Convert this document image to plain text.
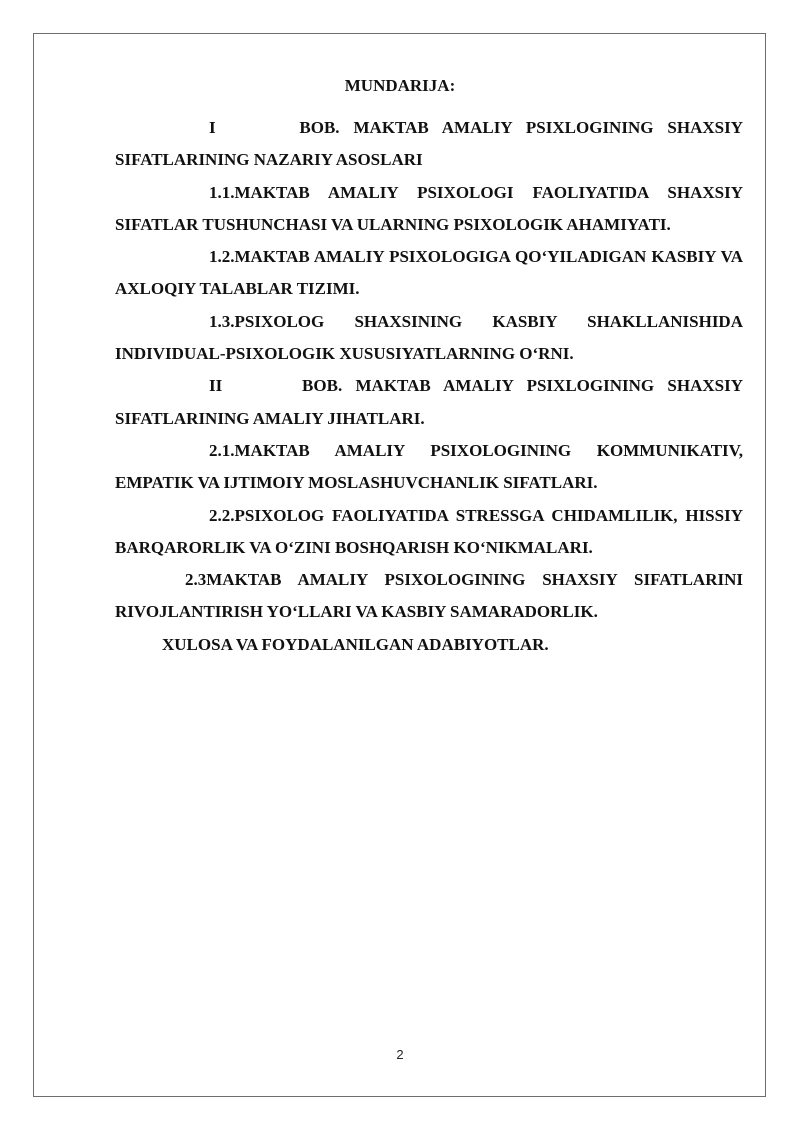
MUNDARIJA:

I	BOB. MAKTAB AMALIY PSIXLOGINING SHAXSIY SIFATLARINING NAZARIY ASOSLARI

1.1.MAKTAB AMALIY PSIXOLOGI FAOLIYATIDA SHAXSIY SIFATLAR TUSHUNCHASI VA ULARNING PSIXOLOGIK AHAMIYATI.

1.2.MAKTAB AMALIY PSIXOLOGIGA QO‘YILADIGAN KASBIY VA AXLOQIY TALABLAR TIZIMI.

1.3.PSIXOLOG SHAXSINING KASBIY SHAKLLANISHIDA INDIVIDUAL-PSIXOLOGIK XUSUSIYATLARNING O‘RNI.

II	BOB. MAKTAB AMALIY PSIXLOGINING SHAXSIY SIFATLARINING AMALIY JIHATLARI.

2.1.MAKTAB AMALIY PSIXOLOGINING KOMMUNIKATIV, EMPATIK VA IJTIMOIY MOSLASHUVCHANLIK SIFATLARI.

2.2.PSIXOLOG FAOLIYATIDA STRESSGA CHIDAMLILIK, HISSIY BARQARORLIK VA O‘ZINI BOSHQARISH KO‘NIKMALARI.

2.3MAKTAB AMALIY PSIXOLOGINING SHAXSIY SIFATLARINI RIVOJLANTIRISH YO‘LLARI VA KASBIY SAMARADORLIK.

XULOSA VA FOYDALANILGAN ADABIYOTLAR.

2
